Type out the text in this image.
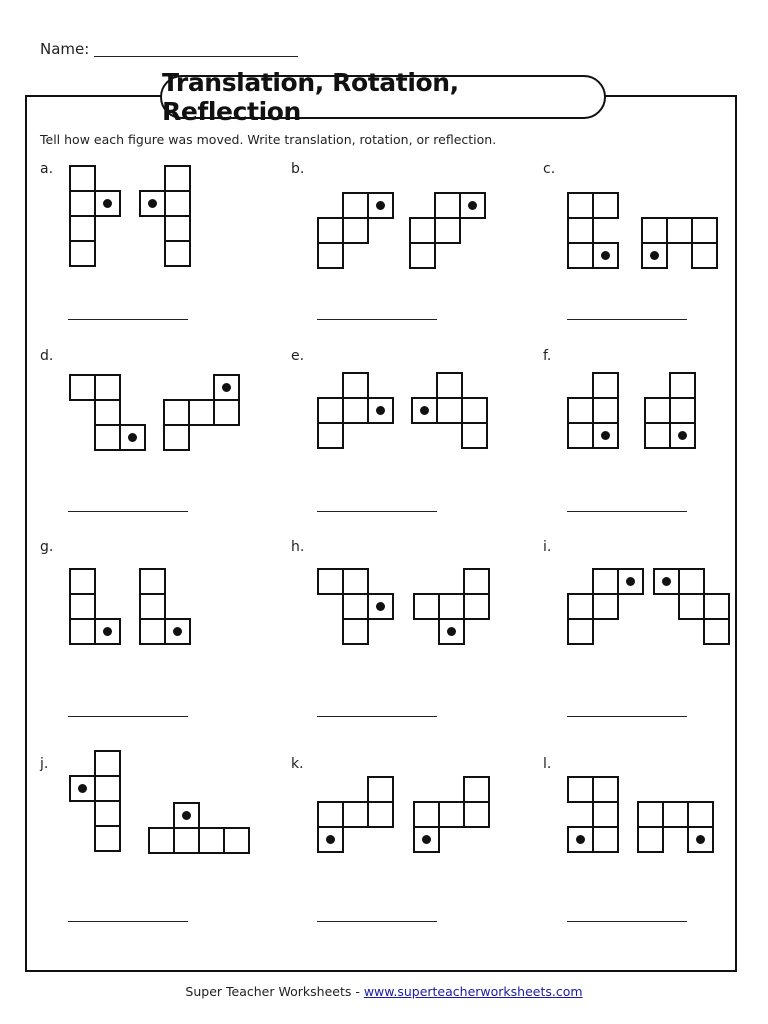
Name:
Translation, Rotation, Reflection
Tell how each figure was moved. Write translation, rotation, or reflection.
a.	b.	c.
d.	e.	f.
g.	h.	i.
j.	k.	l.
Super Teacher Worksheets - www.superteacherworksheets.com
